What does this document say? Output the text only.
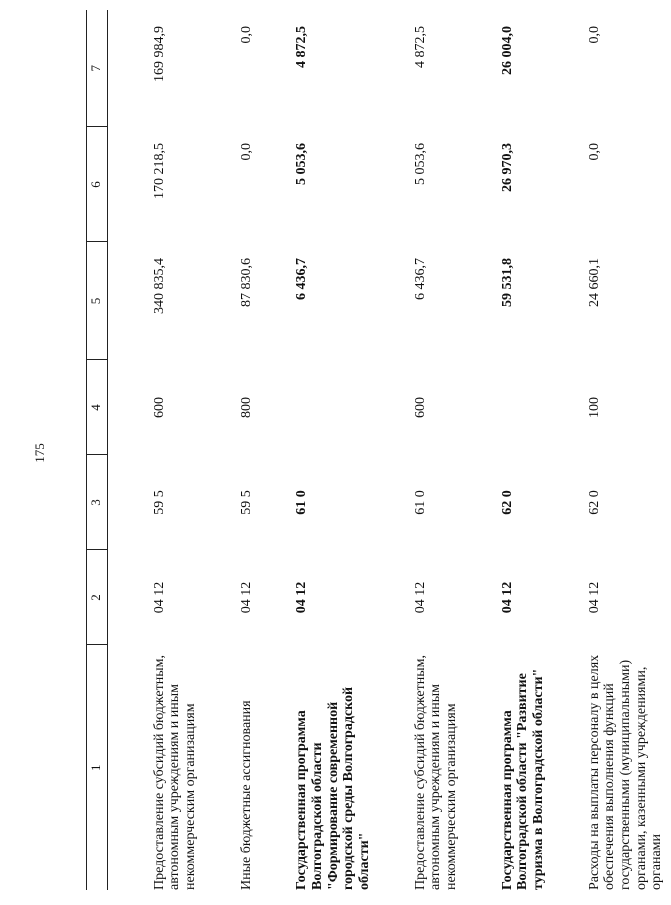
175
1	2	3	4	5	6	7
Предоставление субсидий бюджетным, автономным учреждениям и иным некоммерческим организациям	04 12	59 5	600	340 835,4	170 218,5	169 984,9
Иные бюджетные ассигнования	04 12	59 5	800	87 830,6	0,0	0,0
Государственная программа Волгоградской области "Формирование современной городской среды Волгоградской области"	04 12	61 0		6 436,7	5 053,6	4 872,5
Предоставление субсидий бюджетным, автономным учреждениям и иным некоммерческим организациям	04 12	61 0	600	6 436,7	5 053,6	4 872,5
Государственная программа Волгоградской области "Развитие туризма в Волгоградской области"	04 12	62 0		59 531,8	26 970,3	26 004,0
Расходы на выплаты персоналу в целях обеспечения выполнения функций государственными (муниципальными) органами, казенными учреждениями, органами	04 12	62 0	100	24 660,1	0,0	0,0
